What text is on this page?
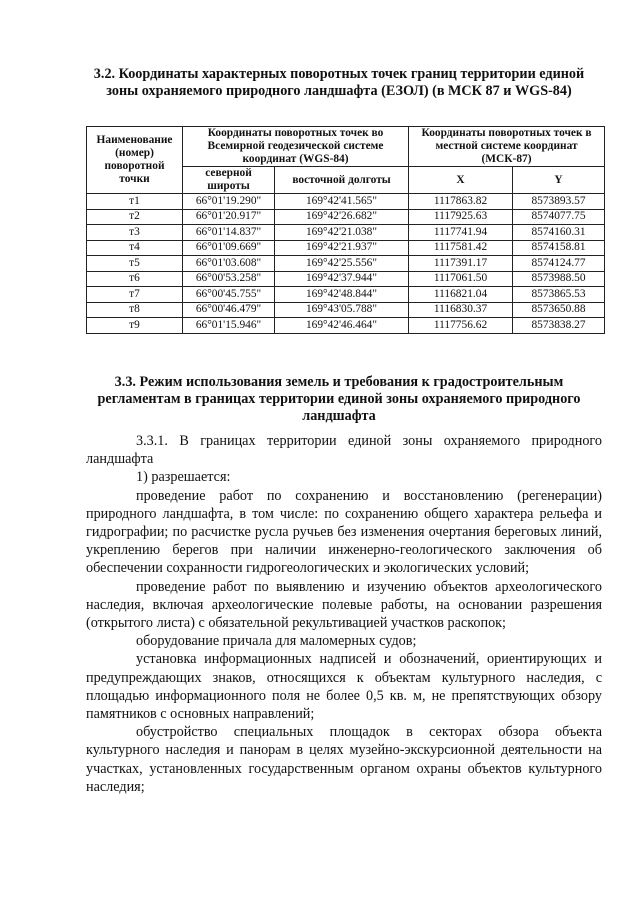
3.2. Координаты характерных поворотных точек границ территории единой зоны охраняемого природного ландшафта (ЕЗОЛ) (в МСК 87 и WGS-84)
Наименование (номер) поворотной точки	Координаты поворотных точек во Всемирной геодезической системе координат (WGS-84)		Координаты поворотных точек в местной системе координат (МСК-87)	
	северной широты	восточной долготы	X	Y
т1	66°01'19.290"	169°42'41.565"	1117863.82	8573893.57
т2	66°01'20.917"	169°42'26.682"	1117925.63	8574077.75
т3	66°01'14.837"	169°42'21.038"	1117741.94	8574160.31
т4	66°01'09.669"	169°42'21.937"	1117581.42	8574158.81
т5	66°01'03.608"	169°42'25.556"	1117391.17	8574124.77
т6	66°00'53.258"	169°42'37.944"	1117061.50	8573988.50
т7	66°00'45.755"	169°42'48.844"	1116821.04	8573865.53
т8	66°00'46.479"	169°43'05.788"	1116830.37	8573650.88
т9	66°01'15.946"	169°42'46.464"	1117756.62	8573838.27
3.3. Режим использования земель и требования к градостроительным регламентам в границах территории единой зоны охраняемого природного ландшафта

3.3.1. В границах территории единой зоны охраняемого природного ландшафта

1) разрешается:

проведение работ по сохранению и восстановлению (регенерации) природного ландшафта, в том числе: по сохранению общего характера рельефа и гидрографии; по расчистке русла ручьев без изменения очертания береговых линий, укреплению берегов при наличии инженерно-геологического заключения об обеспечении сохранности гидрогеологических и экологических условий;

проведение работ по выявлению и изучению объектов археологического наследия, включая археологические полевые работы, на основании разрешения (открытого листа) с обязательной рекультивацией участков раскопок;

оборудование причала для маломерных судов;

установка информационных надписей и обозначений, ориентирующих и предупреждающих знаков, относящихся к объектам культурного наследия, с площадью информационного поля не более 0,5 кв. м, не препятствующих обзору памятников с основных направлений;

обустройство специальных площадок в секторах обзора объекта культурного наследия и панорам в целях музейно-экскурсионной деятельности на участках, установленных государственным органом охраны объектов культурного наследия;
